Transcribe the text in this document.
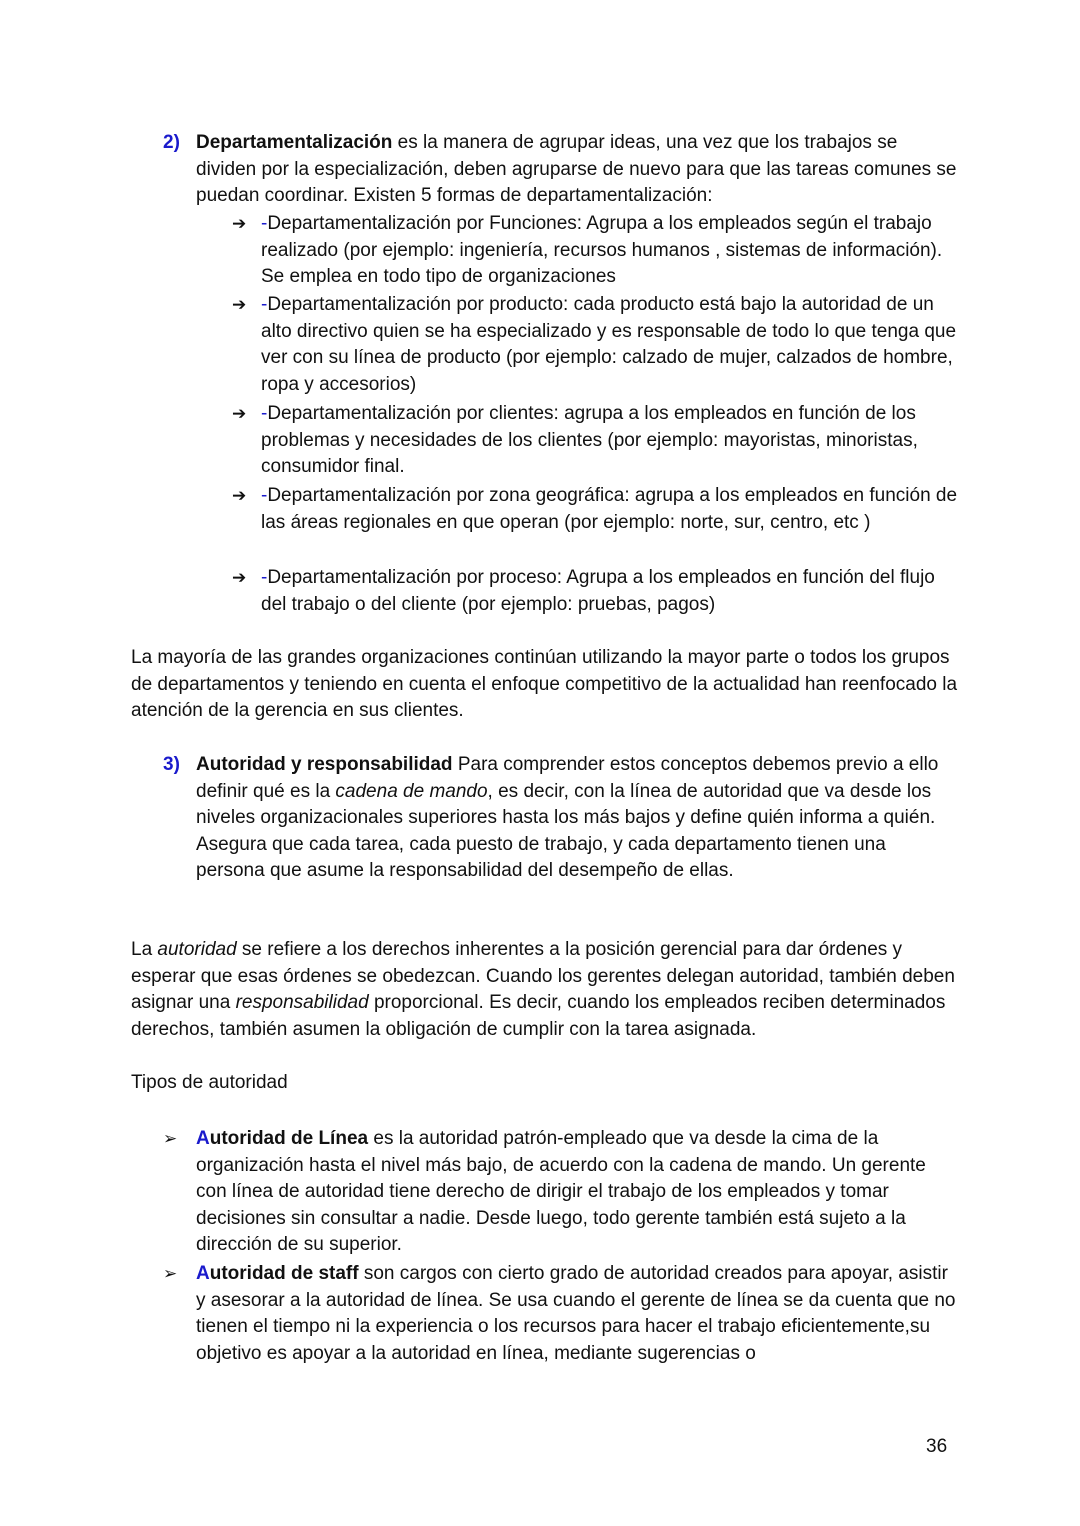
2) Departamentalización es la manera de agrupar ideas, una vez que los trabajos se dividen por la especialización, deben agruparse de nuevo para que las tareas comunes se puedan coordinar. Existen 5 formas de departamentalización:
➔ -Departamentalización por Funciones: Agrupa a los empleados según el trabajo realizado (por ejemplo: ingeniería, recursos humanos , sistemas de información). Se emplea en todo tipo de organizaciones
➔ -Departamentalización por producto: cada producto está bajo la autoridad de un alto directivo quien se ha especializado y es responsable de todo lo que tenga que ver con su línea de producto (por ejemplo: calzado de mujer, calzados de hombre, ropa y accesorios)
➔ -Departamentalización por clientes: agrupa a los empleados en función de los problemas y necesidades de los clientes (por ejemplo: mayoristas, minoristas, consumidor final.
➔ -Departamentalización por zona geográfica: agrupa a los empleados en función de las áreas regionales en que operan (por ejemplo: norte, sur, centro, etc )
➔ -Departamentalización por proceso: Agrupa a los empleados en función del flujo del trabajo o del cliente (por ejemplo: pruebas, pagos)
La mayoría de las grandes organizaciones continúan utilizando la mayor parte o todos los grupos de departamentos y teniendo en cuenta el enfoque competitivo de la actualidad han reenfocado la atención de la gerencia en sus clientes.
3) Autoridad y responsabilidad Para comprender estos conceptos debemos previo a ello definir qué es la cadena de mando, es decir, con la línea de autoridad que va desde los niveles organizacionales superiores hasta los más bajos y define quién informa a quién. Asegura que cada tarea, cada puesto de trabajo, y cada departamento tienen una persona que asume la responsabilidad del desempeño de ellas.
La autoridad se refiere a los derechos inherentes a la posición gerencial para dar órdenes y esperar que esas órdenes se obedezcan. Cuando los gerentes delegan autoridad, también deben asignar una responsabilidad proporcional. Es decir, cuando los empleados reciben determinados derechos, también asumen la obligación de cumplir con la tarea asignada.
Tipos de autoridad
➢ Autoridad de Línea es la autoridad patrón-empleado que va desde la cima de la organización hasta el nivel más bajo, de acuerdo con la cadena de mando. Un gerente con línea de autoridad tiene derecho de dirigir el trabajo de los empleados y tomar decisiones sin consultar a nadie. Desde luego, todo gerente también está sujeto a la dirección de su superior.
➢ Autoridad de staff son cargos con cierto grado de autoridad creados para apoyar, asistir y asesorar a la autoridad de línea. Se usa cuando el gerente de línea se da cuenta que no tienen el tiempo ni la experiencia o los recursos para hacer el trabajo eficientemente,su objetivo es apoyar a la autoridad en línea, mediante sugerencias o
36
